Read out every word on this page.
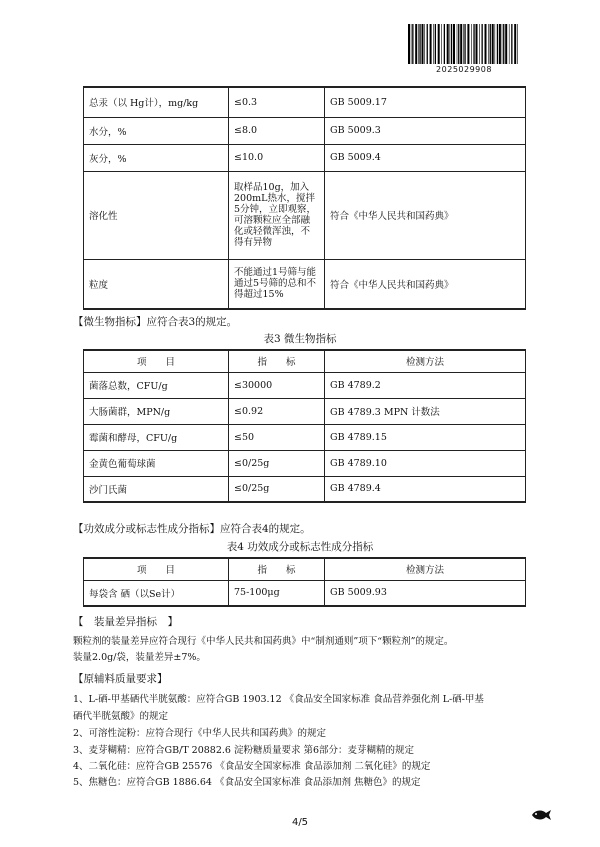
2025029908
总汞（以 Hg计），mg/kg	≤0.3	GB 5009.17
水分，%	≤8.0	GB 5009.3
灰分，%	≤10.0	GB 5009.4
溶化性	取样品10g，加入200mL热水，搅拌5分钟，立即观察，可溶颗粒应全部融化或轻微浑浊，不得有异物	符合《中华人民共和国药典》
粒度	不能通过1号筛与能通过5号筛的总和不得超过15%	符合《中华人民共和国药典》
【微生物指标】应符合表3的规定。
表3 微生物指标
项　　目	指　　标	检测方法
菌落总数，CFU/g	≤30000	GB 4789.2
大肠菌群，MPN/g	≤0.92	GB 4789.3 MPN 计数法
霉菌和酵母，CFU/g	≤50	GB 4789.15
金黄色葡萄球菌	≤0/25g	GB 4789.10
沙门氏菌	≤0/25g	GB 4789.4
【功效成分或标志性成分指标】应符合表4的规定。
表4 功效成分或标志性成分指标
项　　目	指　　标	检测方法
每袋含 硒（以Se计）	75-100μg	GB 5009.93
【　装量差异指标　】
颗粒剂的装量差异应符合现行《中华人民共和国药典》中“制剂通则”项下“颗粒剂”的规定。
装量2.0g/袋，装量差异±7%。
【原辅料质量要求】
1、L-硒-甲基硒代半胱氨酸：应符合GB 1903.12 《食品安全国家标准 食品营养强化剂 L-硒-甲基
硒代半胱氨酸》的规定
2、可溶性淀粉：应符合现行《中华人民共和国药典》的规定
3、麦芽糊精：应符合GB/T 20882.6 淀粉糖质量要求 第6部分：麦芽糊精的规定
4、二氧化硅：应符合GB 25576 《食品安全国家标准 食品添加剂 二氧化硅》的规定
5、焦糖色：应符合GB 1886.64 《食品安全国家标准 食品添加剂 焦糖色》的规定
4/5
